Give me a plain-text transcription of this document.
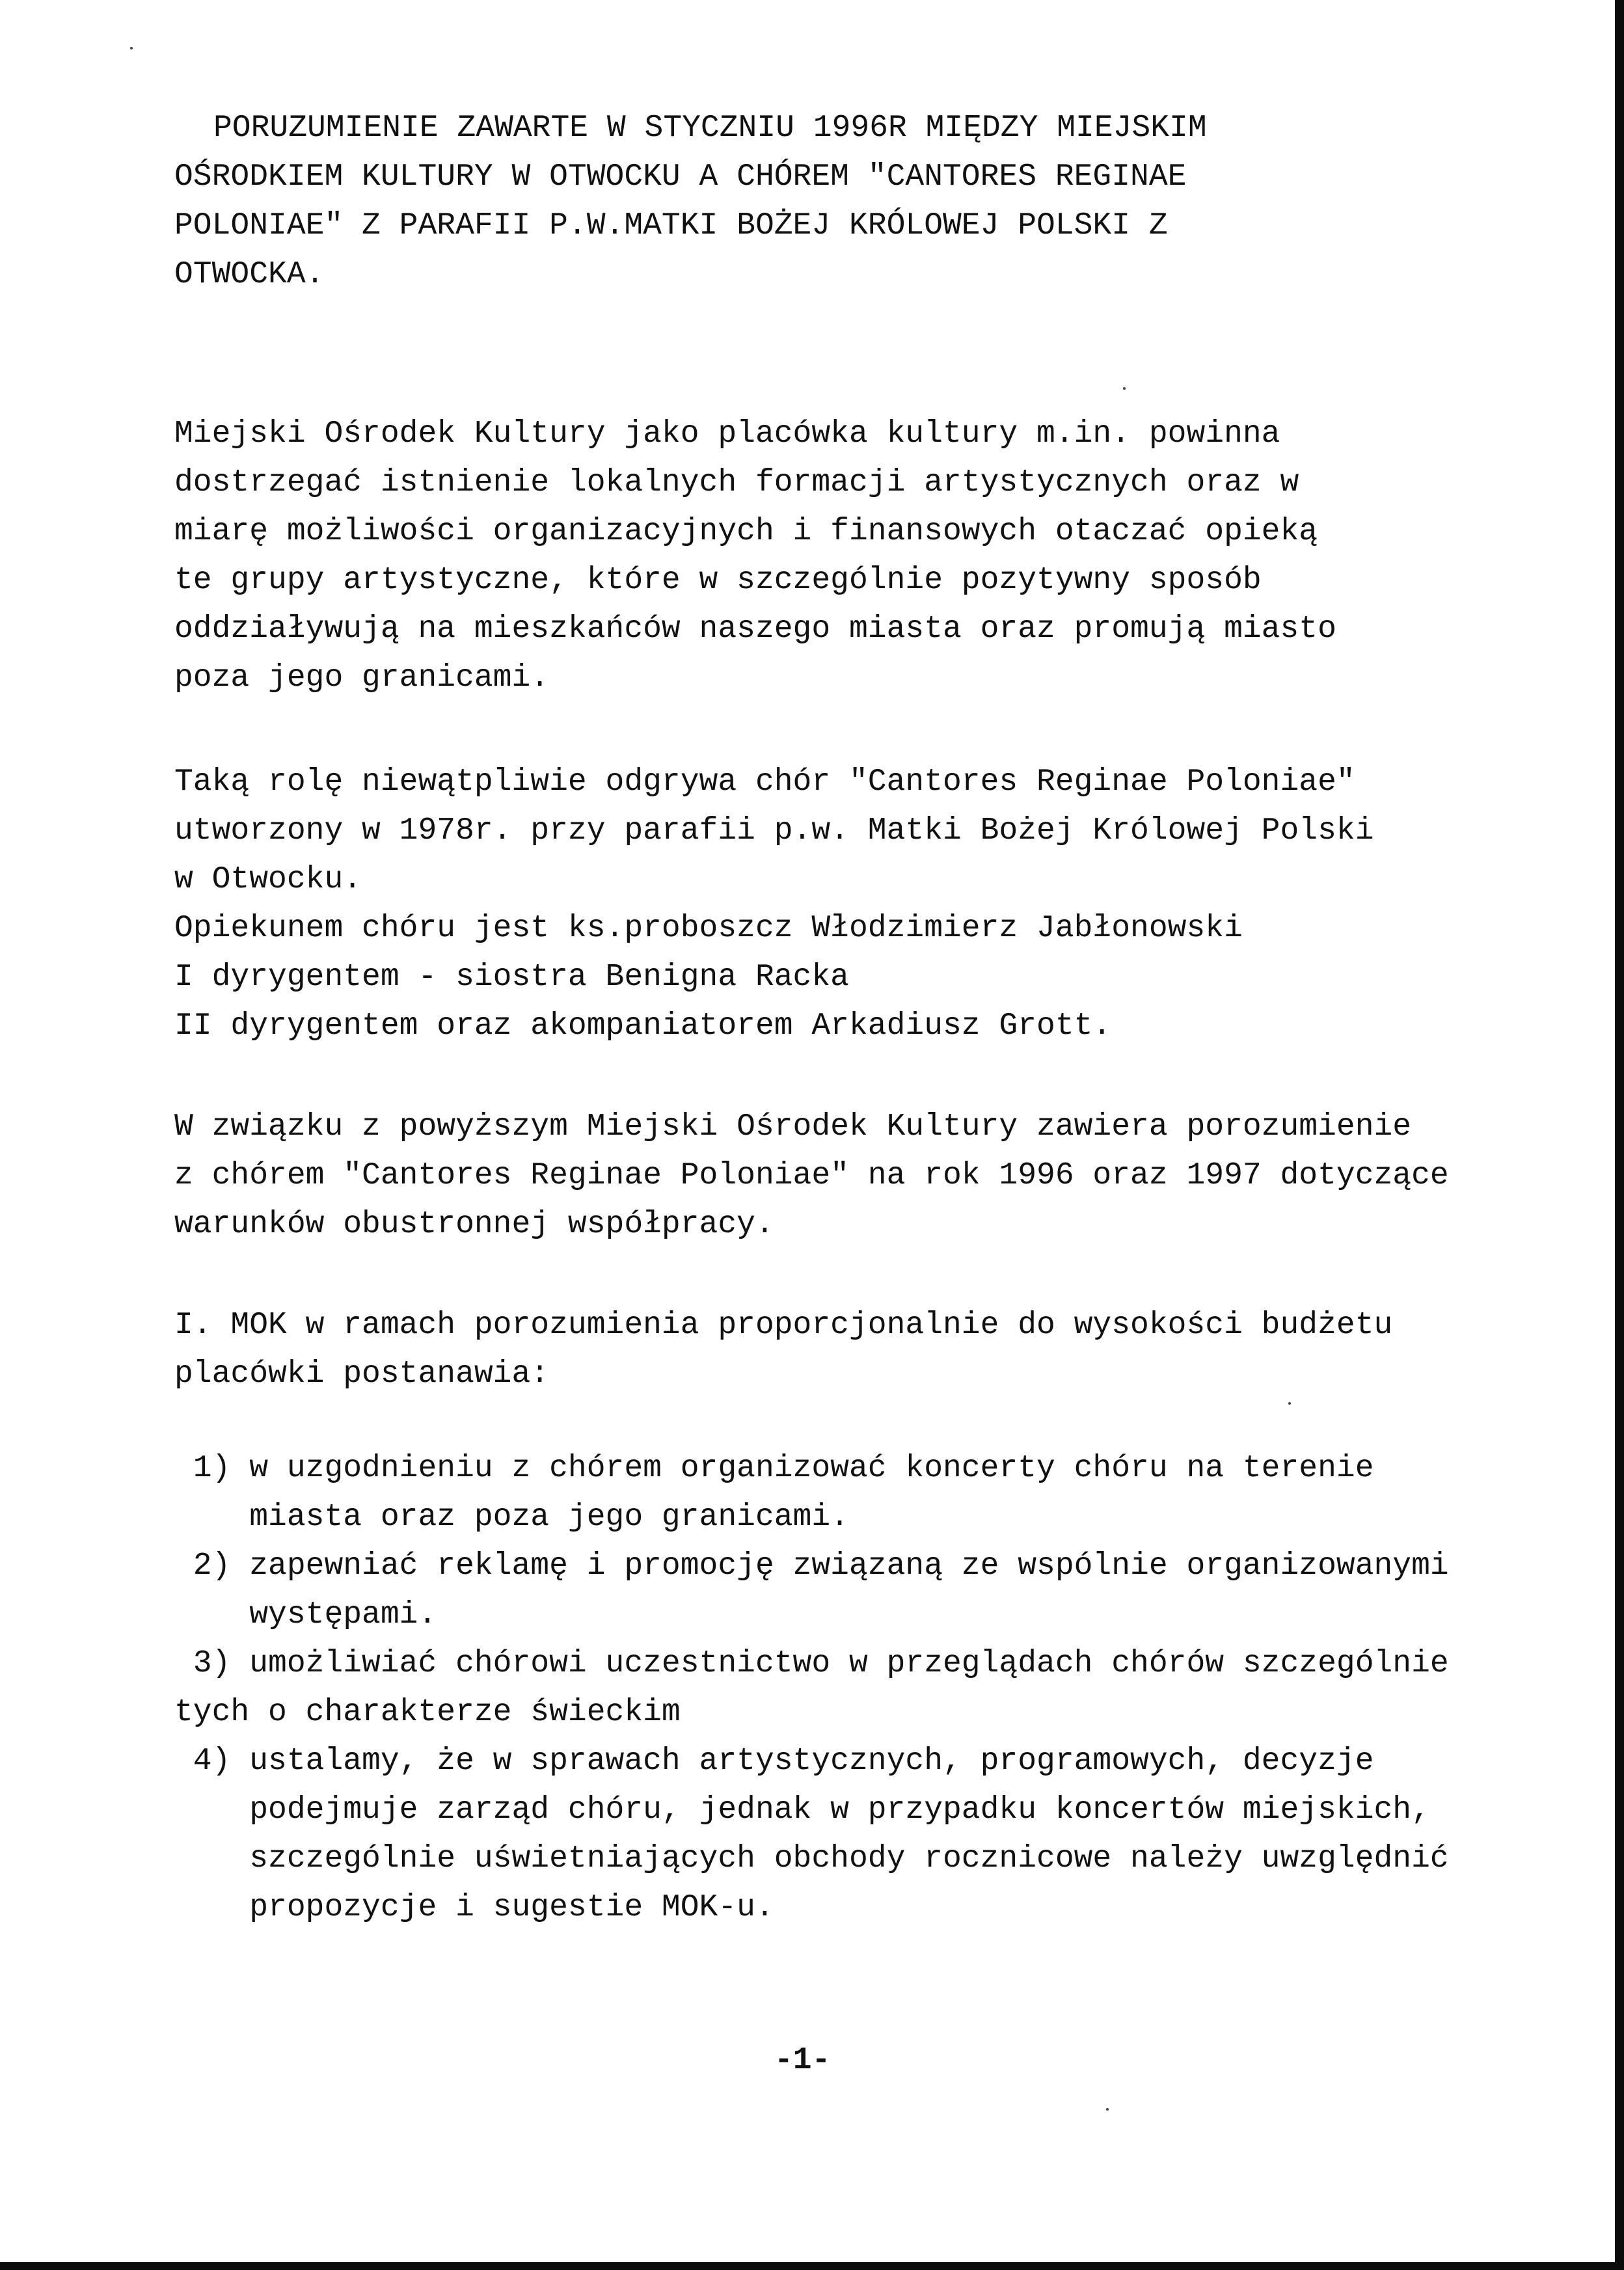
PORUZUMIENIE ZAWARTE W STYCZNIU 1996R MIĘDZY MIEJSKIM
OŚRODKIEM KULTURY W OTWOCKU A CHÓREM "CANTORES REGINAE
POLONIAE" Z PARAFII P.W.MATKI BOŻEJ KRÓLOWEJ POLSKI Z
OTWOCKA.
Miejski Ośrodek Kultury jako placówka kultury m.in. powinna
dostrzegać istnienie lokalnych formacji artystycznych oraz w
miarę możliwości organizacyjnych i finansowych otaczać opieką
te grupy artystyczne, które w szczególnie pozytywny sposób
oddziaływują na mieszkańców naszego miasta oraz promują miasto
poza jego granicami.
Taką rolę niewątpliwie odgrywa chór "Cantores Reginae Poloniae"
utworzony w 1978r. przy parafii p.w. Matki Bożej Królowej Polski
w Otwocku.
Opiekunem chóru jest ks.proboszcz Włodzimierz Jabłonowski
I dyrygentem - siostra Benigna Racka
II dyrygentem oraz akompaniatorem Arkadiusz Grott.
W związku z powyższym Miejski Ośrodek Kultury zawiera porozumienie
z chórem "Cantores Reginae Poloniae" na rok 1996 oraz 1997 dotyczące
warunków obustronnej współpracy.
I. MOK w ramach porozumienia proporcjonalnie do wysokości budżetu
placówki postanawia:
1) w uzgodnieniu z chórem organizować koncerty chóru na terenie
miasta oraz poza jego granicami.
2) zapewniać reklamę i promocję związaną ze wspólnie organizowanymi
występami.
3) umożliwiać chórowi uczestnictwo w przeglądach chórów szczególnie
tych o charakterze świeckim
4) ustalamy, że w sprawach artystycznych, programowych, decyzje
podejmuje zarząd chóru, jednak w przypadku koncertów miejskich,
szczególnie uświetniających obchody rocznicowe należy uwzględnić
propozycje i sugestie MOK-u.
-1-
